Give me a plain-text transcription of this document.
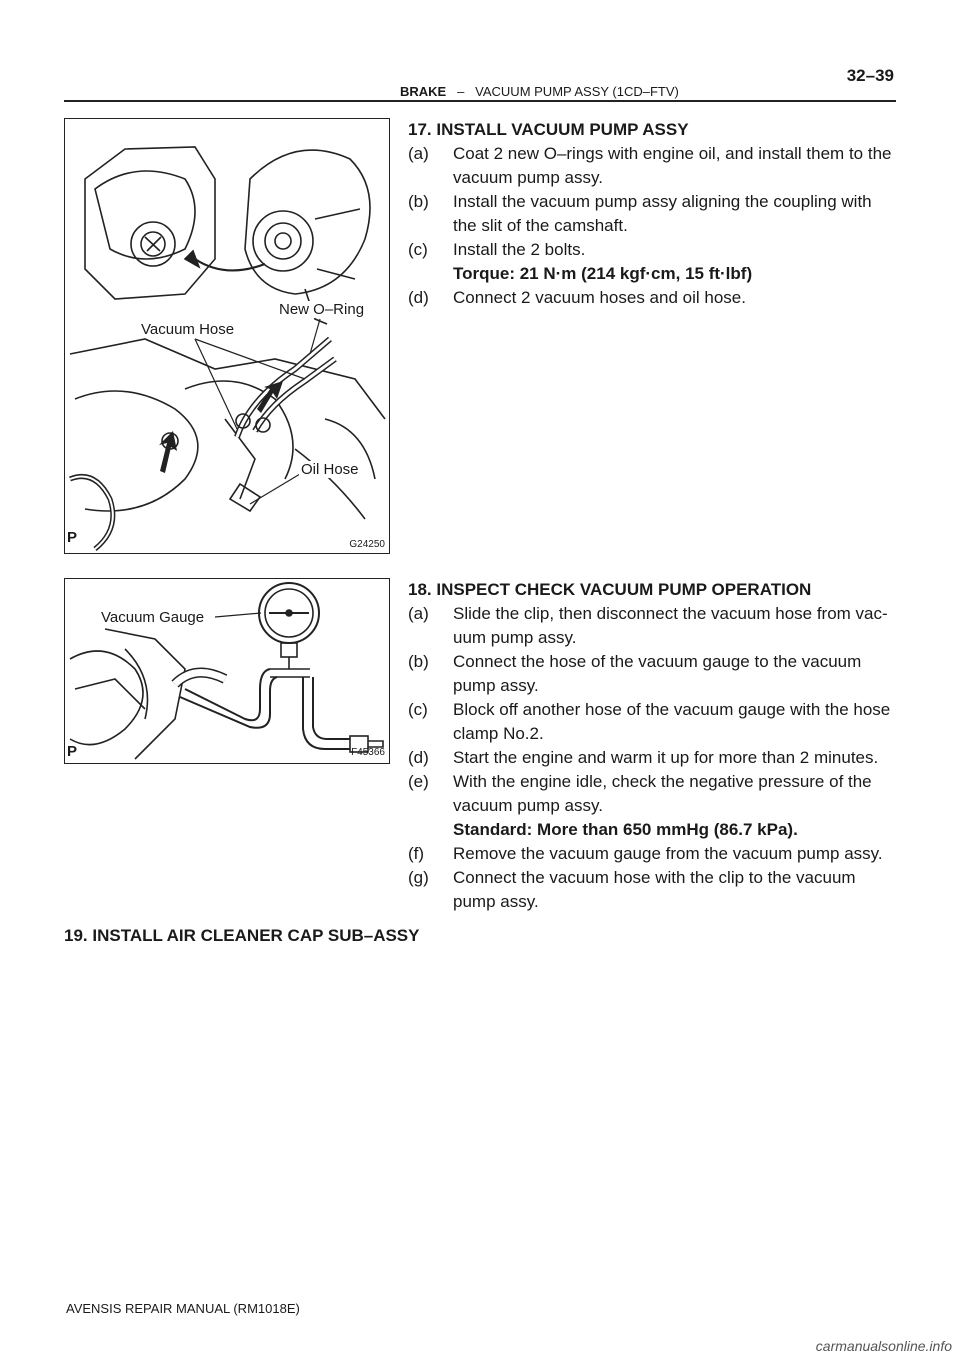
32–39
BRAKE – VACUUM PUMP ASSY (1CD–FTV)
New O–Ring
Vacuum Hose
Oil Hose
P	G24250
Vacuum Gauge
P	F45366
17. INSTALL VACUUM PUMP ASSY
(a) Coat 2 new O–rings with engine oil, and install them to the vacuum pump assy.
(b) Install the vacuum pump assy aligning the coupling with the slit of the camshaft.
(c) Install the 2 bolts.
Torque: 21 N·m (214 kgf·cm, 15 ft·lbf)
(d) Connect 2 vacuum hoses and oil hose.
18. INSPECT CHECK VACUUM PUMP OPERATION
(a) Slide the clip, then disconnect the vacuum hose from vac- uum pump assy.
(b) Connect the hose of the vacuum gauge to the vacuum pump assy.
(c) Block off another hose of the vacuum gauge with the hose clamp No.2.
(d) Start the engine and warm it up for more than 2 minutes.
(e) With the engine idle, check the negative pressure of the vacuum pump assy.
Standard: More than 650 mmHg (86.7 kPa).
(f) Remove the vacuum gauge from the vacuum pump assy.
(g) Connect the vacuum hose with the clip to the vacuum pump assy.
19. INSTALL AIR CLEANER CAP SUB–ASSY
AVENSIS REPAIR MANUAL (RM1018E)
carmanualsonline.info
